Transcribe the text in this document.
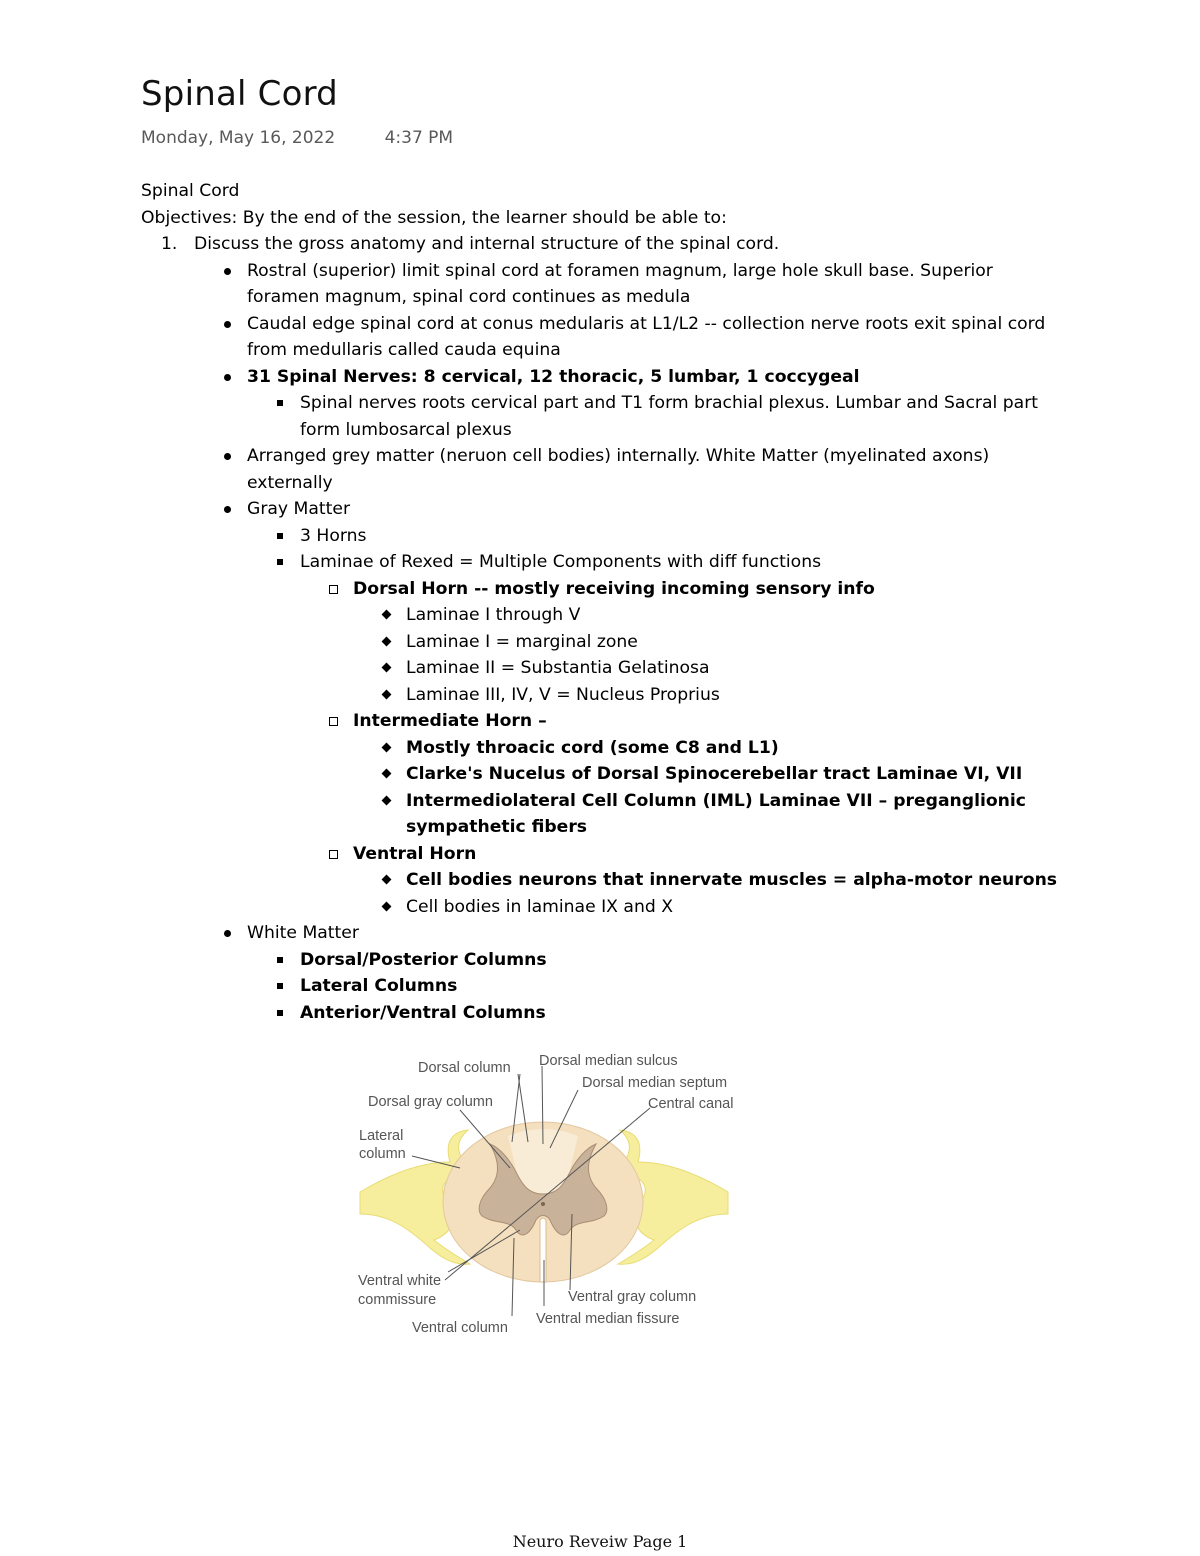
Spinal Cord
Monday, May 16, 2022	4:37 PM
Spinal Cord
Objectives: By the end of the session, the learner should be able to:
1. Discuss the gross anatomy and internal structure of the spinal cord.
Rostral (superior) limit spinal cord at foramen magnum, large hole skull base. Superior
foramen magnum, spinal cord continues as medula
Caudal edge spinal cord at conus medularis at L1/L2 -- collection nerve roots exit spinal cord
from medullaris called cauda equina
31 Spinal Nerves: 8 cervical, 12 thoracic, 5 lumbar, 1 coccygeal
Spinal nerves roots cervical part and T1 form brachial plexus. Lumbar and Sacral part
form lumbosarcal plexus
Arranged grey matter (neruon cell bodies) internally. White Matter (myelinated axons)
externally
Gray Matter
3 Horns
Laminae of Rexed = Multiple Components with diff functions
Dorsal Horn -- mostly receiving incoming sensory info
Laminae I through V
Laminae I = marginal zone
Laminae II = Substantia Gelatinosa
Laminae III, IV, V = Nucleus Proprius
Intermediate Horn –
Mostly throacic cord (some C8 and L1)
Clarke's Nucelus of Dorsal Spinocerebellar tract Laminae VI, VII
Intermediolateral Cell Column (IML) Laminae VII – preganglionic
sympathetic fibers
Ventral Horn
Cell bodies neurons that innervate muscles = alpha-motor neurons
Cell bodies in laminae IX and X
White Matter
Dorsal/Posterior Columns
Lateral Columns
Anterior/Ventral Columns
Dorsal column Dorsal median sulcus
Dorsal median septum
Dorsal gray column	Central canal
Lateral
column
Ventral white
commissure	Ventral gray column
Ventral median fissure
Ventral column
Neuro Reveiw Page 1
